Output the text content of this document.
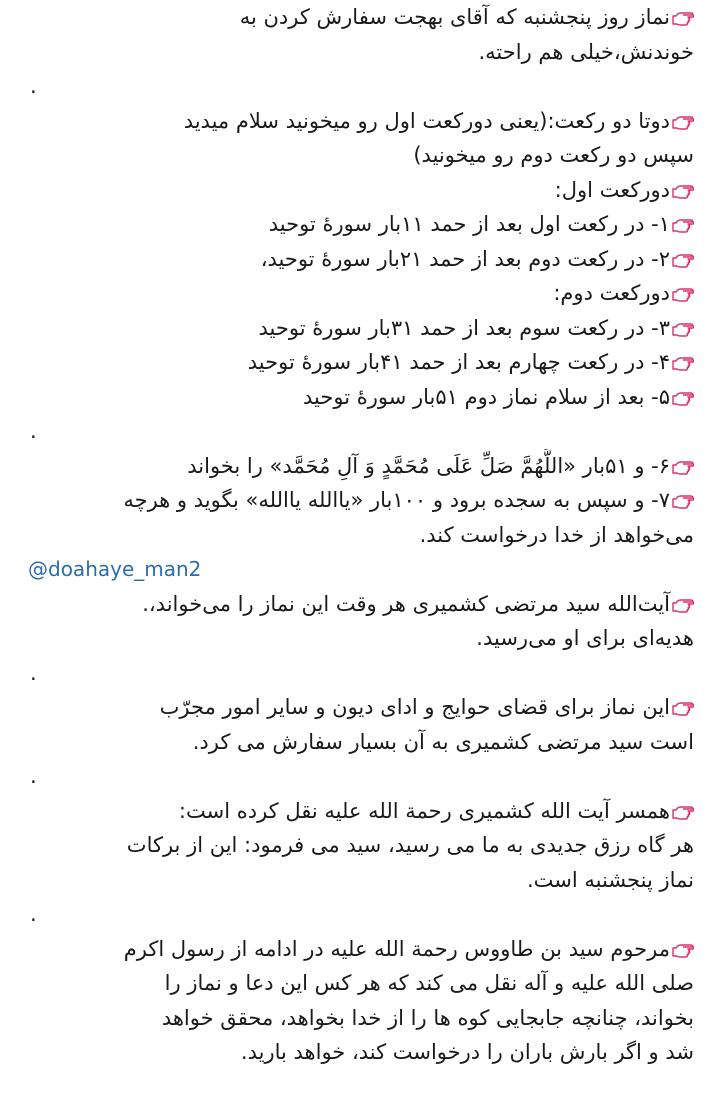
نماز روز پنجشنبه که آقای بهجت سفارش کردن به
خوندنش،خیلی هم راحته.
.
دوتا دو رکعت:(یعنی دورکعت اول رو میخونید سلام میدید
سپس دو رکعت دوم رو میخونید)
دورکعت اول:
۱- در رکعت اول بعد از حمد ۱۱بار سورۀ توحید
۲- در رکعت دوم بعد از حمد ۲۱بار سورۀ توحید،
دورکعت دوم:
۳- در رکعت سوم بعد از حمد ۳۱بار سورۀ توحید
۴- در رکعت چهارم بعد از حمد ۴۱بار سورۀ توحید
۵- بعد از سلام نماز دوم ۵۱بار سورۀ توحید
.
۶- و ۵۱بار «اللَّهُمَّ صَلِّ عَلَى مُحَمَّدٍ وَ آلِ مُحَمَّد» را بخواند
۷- و سپس به سجده برود و ۱۰۰بار «یاالله یاالله» بگوید و هرچه
می‌خواهد از خدا درخواست کند.
@doahaye_man2
آیت‌الله سید مرتضی کشمیری هر وقت این نماز را می‌خواند،.
هدیه‌ای برای او می‌رسید.
.
این نماز برای قضای حوایج و ادای دیون و سایر امور مجرّب
است سید مرتضی کشمیری به آن بسیار سفارش می کرد.
.
همسر آیت الله کشمیری رحمة الله علیه نقل کرده است:
هر گاه رزق جدیدی به ما می رسید، سید می فرمود: این از برکات
نماز پنجشنبه است.
.
مرحوم سید بن طاووس رحمة الله علیه در ادامه از رسول اکرم
صلی الله علیه و آله نقل می کند که هر کس این دعا و نماز را
بخواند، چنانچه جابجایی کوه ها را از خدا بخواهد، محقق خواهد
شد و اگر بارش باران را درخواست کند، خواهد بارید.
